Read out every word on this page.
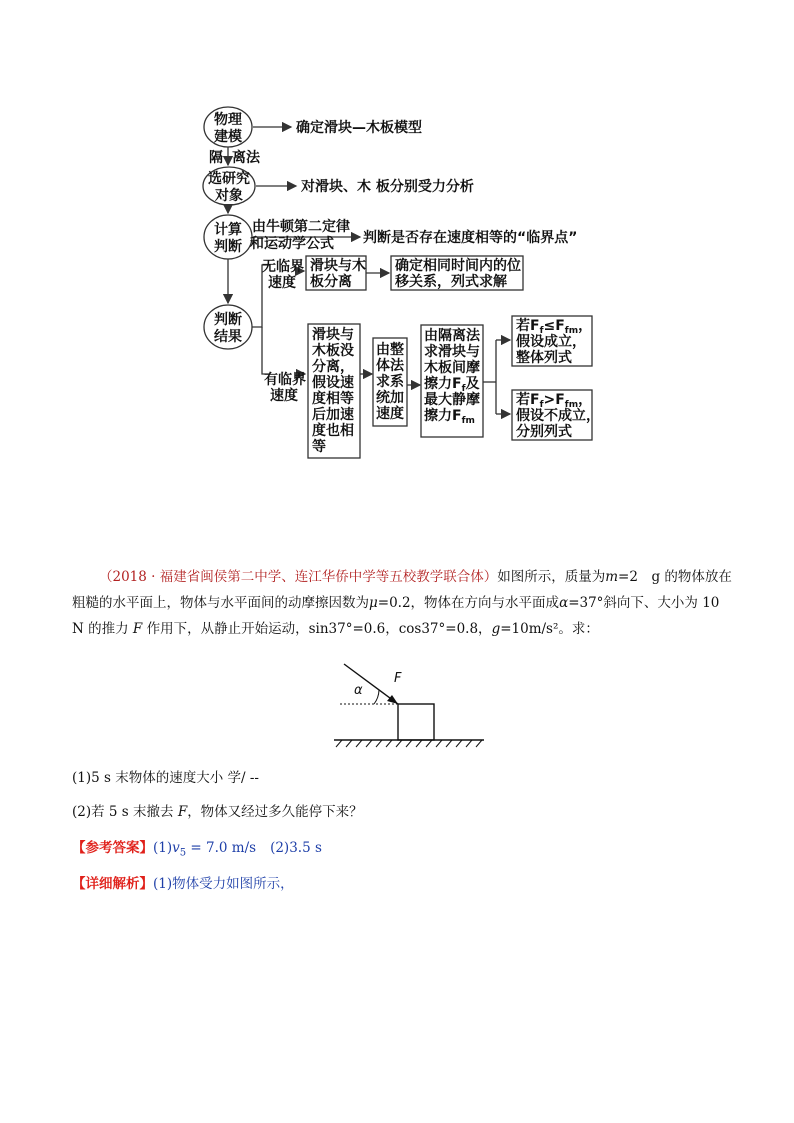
物理
建模
确定滑块—木板模型
隔 离法
选研究
对象
对滑块、木 板分别受力分析
计算
判断
由牛顿第二定律
和运动学公式 判断是否存在速度相等的“临界点”
判断
结果
无临界
速度
滑块与木
板分离
确定相同时间内的位
移关系，列式求解
有临界
速度
滑块与
木板没
分离，
假设速
度相等
后加速
度也相
等
由整
体法
求系
统加
速度
由隔离法
求滑块与
木板间摩
擦力$F_f$及
最大静摩
擦力$F_{fm}$
若$F_f\le F_{fm}$，
假设成立，
整体列式
若$F_f>F_{fm}$，
假设不成立，
分别列式
（2018 · 福建省闽侯第二中学、连江华侨中学等五校教学联合体）如图所示，质量为m=2　g 的物体放在粗糙的水平面上，物体与水平面间的动摩擦因数为μ=0.2，物体在方向与水平面成α=37°斜向下、大小为 10 N 的推力 F 作用下，从静止开始运动，sin37°=0.6，cos37°=0.8，g=10m/s²。求：
α
F
(1)5 s 末物体的速度大小 学/ --
(2)若 5 s 末撤去 F，物体又经过多久能停下来？
【参考答案】$(1)v_5 = 7.0$ m/s (2)3.5 s
【详细解析】(1)物体受力如图所示，
